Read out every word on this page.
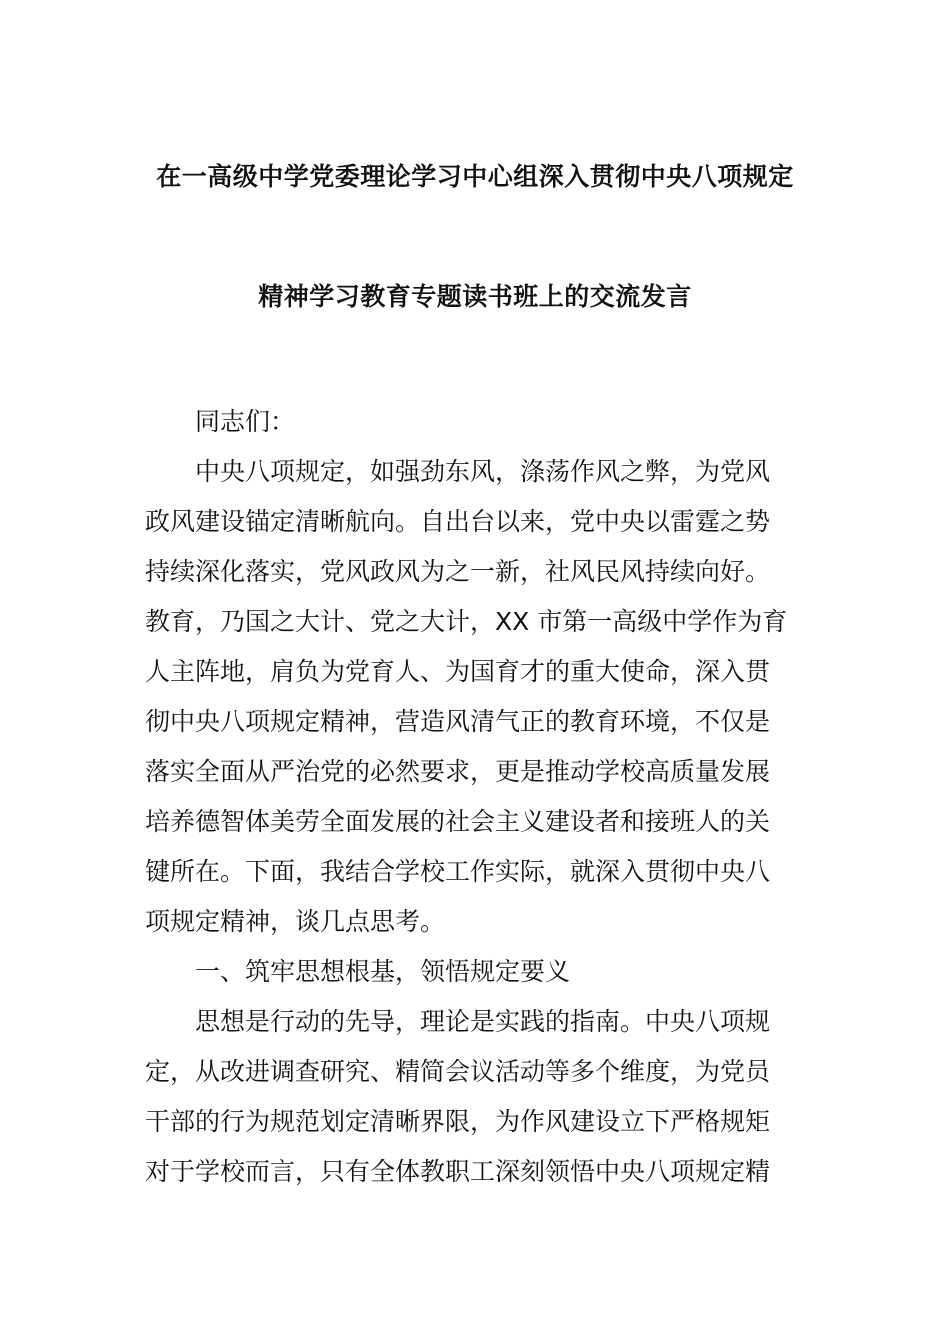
在一高级中学党委理论学习中心组深入贯彻中央八项规定
精神学习教育专题读书班上的交流发言
同志们：
中央八项规定，如强劲东风，涤荡作风之弊，为党风
政风建设锚定清晰航向。自出台以来，党中央以雷霆之势
持续深化落实，党风政风为之一新，社风民风持续向好。
教育，乃国之大计、党之大计，XX 市第一高级中学作为育
人主阵地，肩负为党育人、为国育才的重大使命，深入贯
彻中央八项规定精神，营造风清气正的教育环境，不仅是
落实全面从严治党的必然要求，更是推动学校高质量发展
培养德智体美劳全面发展的社会主义建设者和接班人的关
键所在。下面，我结合学校工作实际，就深入贯彻中央八
项规定精神，谈几点思考。
一、筑牢思想根基，领悟规定要义
思想是行动的先导，理论是实践的指南。中央八项规
定，从改进调查研究、精简会议活动等多个维度，为党员
干部的行为规范划定清晰界限，为作风建设立下严格规矩
对于学校而言，只有全体教职工深刻领悟中央八项规定精
